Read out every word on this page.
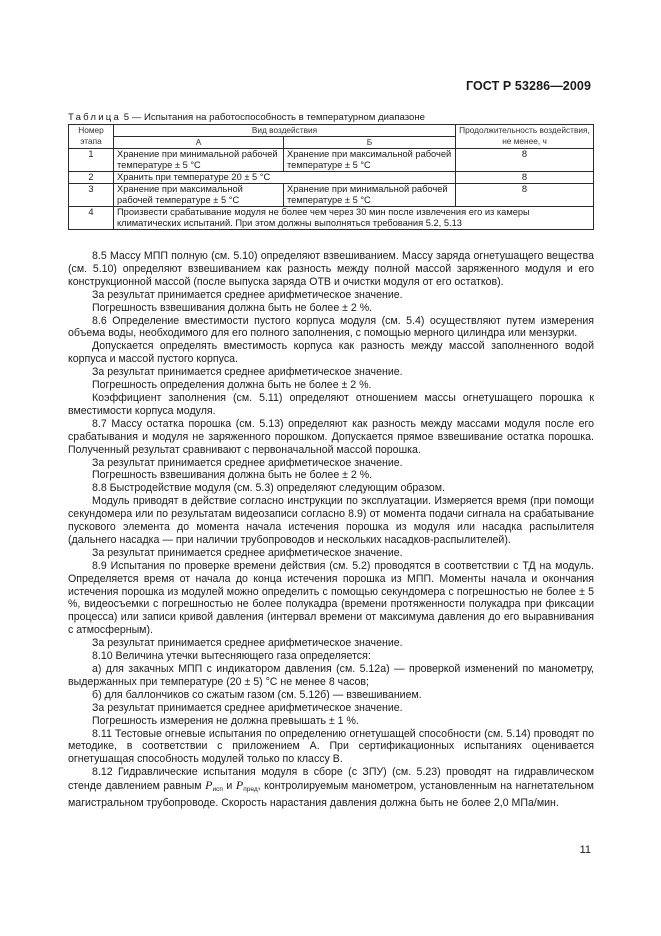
ГОСТ Р 53286—2009
Таблица 5 — Испытания на работоспособность в температурном диапазоне
Номер этапа	Вид воздействия		Продолжительность воздействия, не менее, ч
	А	Б	
1	Хранение при минимальной рабочей температуре ± 5 °С	Хранение при максимальной рабочей температуре ± 5 °С	8
2	Хранить при температуре 20 ± 5 °С		8
3	Хранение при максимальной рабочей температуре ± 5 °С	Хранение при минимальной рабочей температуре ± 5 °С	8
4	Произвести срабатывание модуля не более чем через 30 мин после извлечения его из камеры климатических испытаний. При этом должны выполняться требования 5.2, 5.13		

8.5 Массу МПП полную (см. 5.10) определяют взвешиванием. Массу заряда огнетушащего вещества (см. 5.10) определяют взвешиванием как разность между полной массой заряженного модуля и его конструкционной массой (после выпуска заряда ОТВ и очистки модуля от его остатков).

За результат принимается среднее арифметическое значение.

Погрешность взвешивания должна быть не более ± 2 %.

8.6 Определение вместимости пустого корпуса модуля (см. 5.4) осуществляют путем измерения объема воды, необходимого для его полного заполнения, с помощью мерного цилиндра или мензурки.

Допускается определять вместимость корпуса как разность между массой заполненного водой корпуса и массой пустого корпуса.

За результат принимается среднее арифметическое значение.

Погрешность определения должна быть не более ± 2 %.

Коэффициент заполнения (см. 5.11) определяют отношением массы огнетушащего порошка к вместимости корпуса модуля.

8.7 Массу остатка порошка (см. 5.13) определяют как разность между массами модуля после его срабатывания и модуля не заряженного порошком. Допускается прямое взвешивание остатка порошка. Полученный результат сравнивают с первоначальной массой порошка.

За результат принимается среднее арифметическое значение.

Погрешность взвешивания должна быть не более ± 2 %.

8.8 Быстродействие модуля (см. 5.3) определяют следующим образом.

Модуль приводят в действие согласно инструкции по эксплуатации. Измеряется время (при помощи секундомера или по результатам видеозаписи согласно 8.9) от момента подачи сигнала на срабатывание пускового элемента до момента начала истечения порошка из модуля или насадка распылителя (дальнего насадка — при наличии трубопроводов и нескольких насадков-распылителей).

За результат принимается среднее арифметическое значение.

8.9 Испытания по проверке времени действия (см. 5.2) проводятся в соответствии с ТД на модуль. Определяется время от начала до конца истечения порошка из МПП. Моменты начала и окончания истечения порошка из модулей можно определить с помощью секундомера с погрешностью не более ± 5 %, видеосъемки с погрешностью не более полукадра (времени протяженности полукадра при фиксации процесса) или записи кривой давления (интервал времени от максимума давления до его выравнивания с атмосферным).

За результат принимается среднее арифметическое значение.

8.10 Величина утечки вытесняющего газа определяется:

а) для закачных МПП с индикатором давления (см. 5.12а) — проверкой изменений по манометру, выдержанных при температуре (20 ± 5) °С не менее 8 часов;

б) для баллончиков со сжатым газом (см. 5.12б) — взвешиванием.

За результат принимается среднее арифметическое значение.

Погрешность измерения не должна превышать ± 1 %.

8.11 Тестовые огневые испытания по определению огнетушащей способности (см. 5.14) проводят по методике, в соответствии с приложением А. При сертификационных испытаниях оценивается огнетушащая способность модулей только по классу В.

8.12 Гидравлические испытания модуля в сборе (с ЗПУ) (см. 5.23) проводят на гидравлическом стенде давлением равным $P_{исп}$ и $P_{пред}$, контролируемым манометром, установленным на нагнетательном магистральном трубопроводе. Скорость нарастания давления должна быть не более 2,0 МПа/мин.

11
